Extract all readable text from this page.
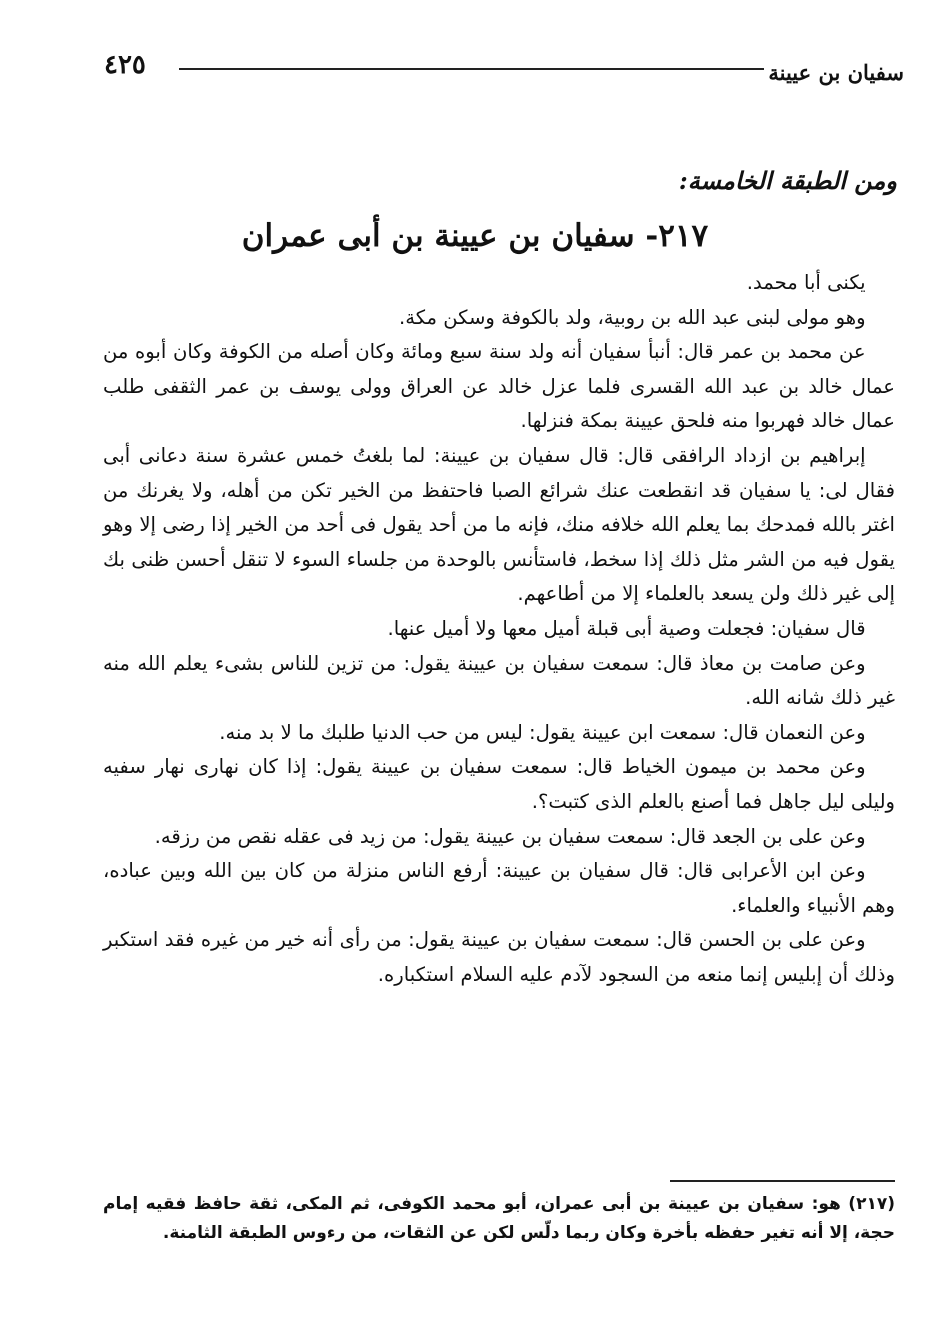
سفيان بن عيينة
٤٢٥
ومن الطبقة الخامسة:
٢١٧- سفيان بن عيينة بن أبى عمران

يكنى أبا محمد.

وهو مولى لبنى عبد الله بن روبية، ولد بالكوفة وسكن مكة.

عن محمد بن عمر قال: أنبأ سفيان أنه ولد سنة سبع ومائة وكان أصله من الكوفة وكان أبوه من عمال خالد بن عبد الله القسرى فلما عزل خالد عن العراق وولى يوسف بن عمر الثقفى طلب عمال خالد فهربوا منه فلحق عيينة بمكة فنزلها.

إبراهيم بن ازداد الرافقى قال: قال سفيان بن عيينة: لما بلغتُ خمس عشرة سنة دعانى أبى فقال لى: يا سفيان قد انقطعت عنك شرائع الصبا فاحتفظ من الخير تكن من أهله، ولا يغرنك من اغتر بالله فمدحك بما يعلم الله خلافه منك، فإنه ما من أحد يقول فى أحد من الخير إذا رضى إلا وهو يقول فيه من الشر مثل ذلك إذا سخط، فاستأنس بالوحدة من جلساء السوء لا تنقل أحسن ظنى بك إلى غير ذلك ولن يسعد بالعلماء إلا من أطاعهم.

قال سفيان: فجعلت وصية أبى قبلة أميل معها ولا أميل عنها.

وعن صامت بن معاذ قال: سمعت سفيان بن عيينة يقول: من تزين للناس بشىء يعلم الله منه غير ذلك شانه الله.

وعن النعمان قال: سمعت ابن عيينة يقول: ليس من حب الدنيا طلبك ما لا بد منه.

وعن محمد بن ميمون الخياط قال: سمعت سفيان بن عيينة يقول: إذا كان نهارى نهار سفيه وليلى ليل جاهل فما أصنع بالعلم الذى كتبت؟.

وعن على بن الجعد قال: سمعت سفيان بن عيينة يقول: من زيد فى عقله نقص من رزقه.

وعن ابن الأعرابى قال: قال سفيان بن عيينة: أرفع الناس منزلة من كان بين الله وبين عباده، وهم الأنبياء والعلماء.

وعن على بن الحسن قال: سمعت سفيان بن عيينة يقول: من رأى أنه خير من غيره فقد استكبر وذلك أن إبليس إنما منعه من السجود لآدم عليه السلام استكباره.

(٢١٧) هو: سفيان بن عيينة بن أبى عمران، أبو محمد الكوفى، ثم المكى، ثقة حافظ فقيه إمام حجة، إلا أنه تغير حفظه بأخرة وكان ربما دلّس لكن عن الثقات، من رءوس الطبقة الثامنة.
